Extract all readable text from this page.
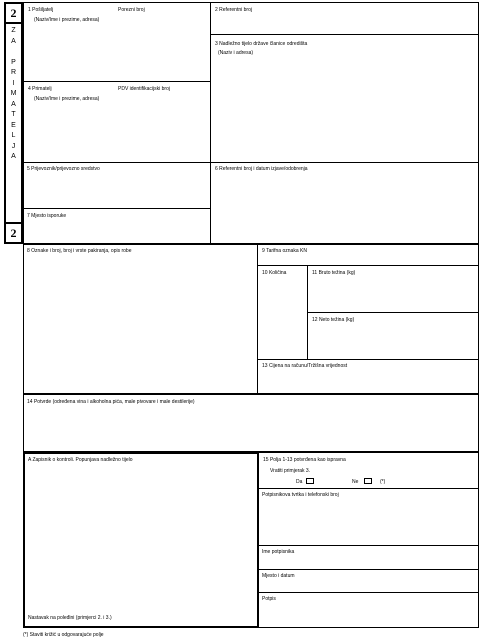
2
Z
A

P
R
I
M
A
T
E
L
J
A
2
1 Pošiljatelj	Porezni broj
(Naziv/Ime i prezime, adresa)
2 Referentni broj
3 Nadležno tijelo države članice odredišta
(Naziv i adresa)
4 Primatelj	PDV identifikacijski broj
(Naziv/Ime i prezime, adresa)
5 Prijevoznik/prijevozno sredstvo	6 Referentni broj i datum izjave/odobrenja
7 Mjesto isporuke
8 Oznake i broj, broj i vrste pakiranja, opis robe	9 Tarifna oznaka KN
10 Količina	11 Bruto težina (kg)
12 Neto težina (kg)
13 Cijena na računu/Tržišna vrijednost
14 Potvrde (određena vina i alkoholna pića, male pivovare i male destilerije)
A Zapisnik o kontroli. Popunjava nadležno tijelo
Nastavak na poleđini (primjerci 2. i 3.)
15 Polja 1-13 potvrđena kao ispravna
Vratiti primjerak 3.
Da	Ne	(*)
Potpisnikova tvrtka i telefonski broj
Ime potpisnika
Mjesto i datum
Potpis
(*) Staviti križić u odgovarajuće polje
